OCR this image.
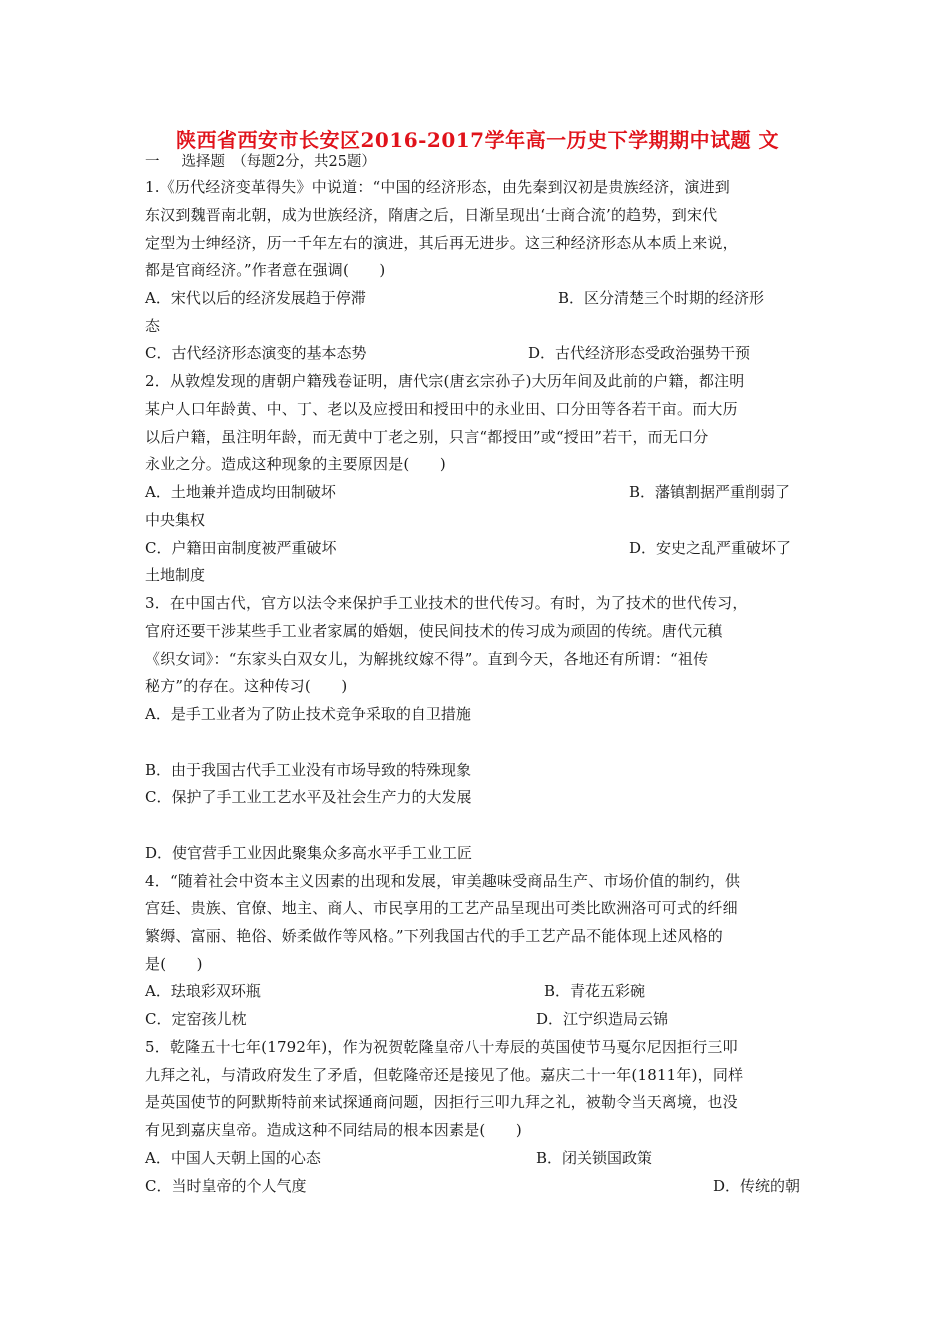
陕西省西安市长安区2016-2017学年高一历史下学期期中试题 文
一 选择题　（每题2分，共25题）
1.《历代经济变革得失》中说道：“中国的经济形态，由先秦到汉初是贵族经济，演进到
东汉到魏晋南北朝，成为世族经济，隋唐之后，日渐呈现出‘士商合流’的趋势，到宋代
定型为士绅经济，历一千年左右的演进，其后再无进步。这三种经济形态从本质上来说，
都是官商经济。”作者意在强调(　　)
A．宋代以后的经济发展趋于停滞	B．区分清楚三个时期的经济形
态
C．古代经济形态演变的基本态势	D．古代经济形态受政治强势干预
2．从敦煌发现的唐朝户籍残卷证明，唐代宗(唐玄宗孙子)大历年间及此前的户籍，都注明
某户人口年龄黄、中、丁、老以及应授田和授田中的永业田、口分田等各若干亩。而大历
以后户籍，虽注明年龄，而无黄中丁老之别，只言“都授田”或“授田”若干，而无口分
永业之分。造成这种现象的主要原因是(　　)
A．土地兼并造成均田制破坏	B．藩镇割据严重削弱了
中央集权
C．户籍田亩制度被严重破坏	D．安史之乱严重破坏了
土地制度
3．在中国古代，官方以法令来保护手工业技术的世代传习。有时，为了技术的世代传习，
官府还要干涉某些手工业者家属的婚姻，使民间技术的传习成为顽固的传统。唐代元稹
《织女词》：“东家头白双女儿，为解挑纹嫁不得”。直到今天，各地还有所谓：“祖传
秘方”的存在。这种传习(　　)
A．是手工业者为了防止技术竞争采取的自卫措施
B．由于我国古代手工业没有市场导致的特殊现象
C．保护了手工业工艺水平及社会生产力的大发展
D．使官营手工业因此聚集众多高水平手工业工匠
4．“随着社会中资本主义因素的出现和发展，审美趣味受商品生产、市场价值的制约，供
宫廷、贵族、官僚、地主、商人、市民享用的工艺产品呈现出可类比欧洲洛可可式的纤细
繁缛、富丽、艳俗、娇柔做作等风格。”下列我国古代的手工艺产品不能体现上述风格的
是(　　)
A．珐琅彩双环瓶	B．青花五彩碗
C．定窑孩儿枕	D．江宁织造局云锦
5．乾隆五十七年(1792年)，作为祝贺乾隆皇帝八十寿辰的英国使节马戛尔尼因拒行三叩
九拜之礼，与清政府发生了矛盾，但乾隆帝还是接见了他。嘉庆二十一年(1811年)，同样
是英国使节的阿默斯特前来试探通商问题，因拒行三叩九拜之礼，被勒令当天离境，也没
有见到嘉庆皇帝。造成这种不同结局的根本因素是(　　)
A．中国人天朝上国的心态	B．闭关锁国政策
C．当时皇帝的个人气度	D．传统的朝
